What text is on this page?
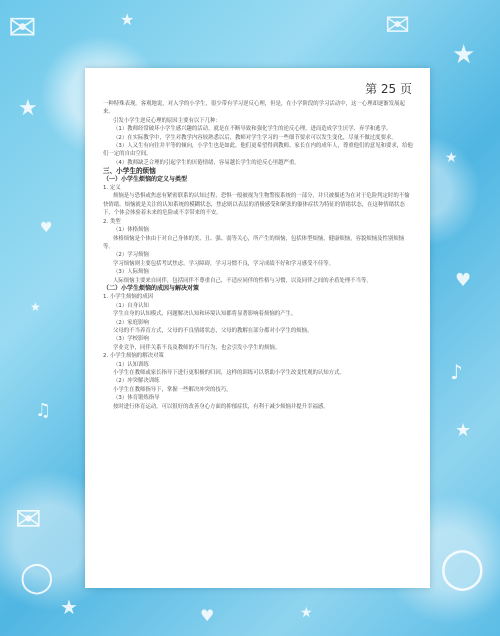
★
★
★
★
★
★
★	★
✉	✉
✉
♥
♥
♥
♪
♫
◯
◯
第 25 页

一种特殊表现。客观地说，对入学的小学生，很少带有学习逆反心理，但是，在小学阶段的学习活动中，这一心理却逐渐发展起来。

引发小学生逆反心理的原因主要有以下几种：

（1）教师经常破坏小学生感兴趣的活动，就是在不断导致和强化学生的逆反心理，进而造成学生厌学、弃学和逃学。

（2）在实际教学中，学生对教学内容较熟悉以后，教师对学生学习的一些细节要求可以发生变化，尽量不做过度要求。

（3）人又生有向往并平等的倾向，小学生也是如此，他们更希望得到教师、家长在内的成年人，尊重他们的意见和要求，给他们一定的自由空间。

（4）教师缺乏合理的引起学生的厌倦情绪，容易越长学生的逆反心里越严重。

三、小学生的烦恼

（一）小学生烦恼的定义与类型

1. 定义

烦恼是与恐惧或焦虑有紧密联系的认知过程，恐惧一般被视为生物警报系统的一部分，并只被描述为在对于危险判定时的不愉快情绪。烦恼就是关注的认知系统的模糊状态，焦虑则以表层的消极感受和紧张的躯体症状为特征的情绪状态，在这种情绪状态下，个体会体验着未来的危险或不幸带来的不安。

2. 类型

（1）体格烦恼

体格烦恼是个体由于对自己身体的美、丑、强、弱等关心，所产生的烦恼，包括体型烦恼，健康烦恼，容貌烦恼及性别烦恼等。

（2）学习烦恼

学习烦恼则主要包括考试焦虑，学习障碍，学习习惯不良，学习成绩不好和学习感受不佳等。

（3）人际烦恼

人际烦恼主要来自同伴，包括同伴不尊重自己，不适应同伴的性格与习惯，以及同伴之间的矛盾处理不当等。

（二）小学生烦恼的成因与解决对策

1. 小学生烦恼的成因

（1）自身认知

学生自身的认知模式、问题解决认知和环境认知都将显著影响着烦恼的产生。

（2）家庭影响

父母的不当养育方式，父母的不良情绪状态，父母的教解在部分都对小学生的烦恼。

（3）学校影响

学业竞争，同伴关系不良及教师的不当行为，也会引发小学生的烦恼。

2. 小学生烦恼的解决对策

（1）认知训练

小学生在教师或家长指导下进行更积极的归因，这样的训练可以帮助小学生改变忧观的认知方式。

（2）冲突解决训练

小学生在教师指导下，掌握一些解决冲突的技巧。

（3）体育锻炼指导

按时进行体育运动，可以很好的改善身心方面的抑郁症状，有利于减少烦恼并提升幸福感。
